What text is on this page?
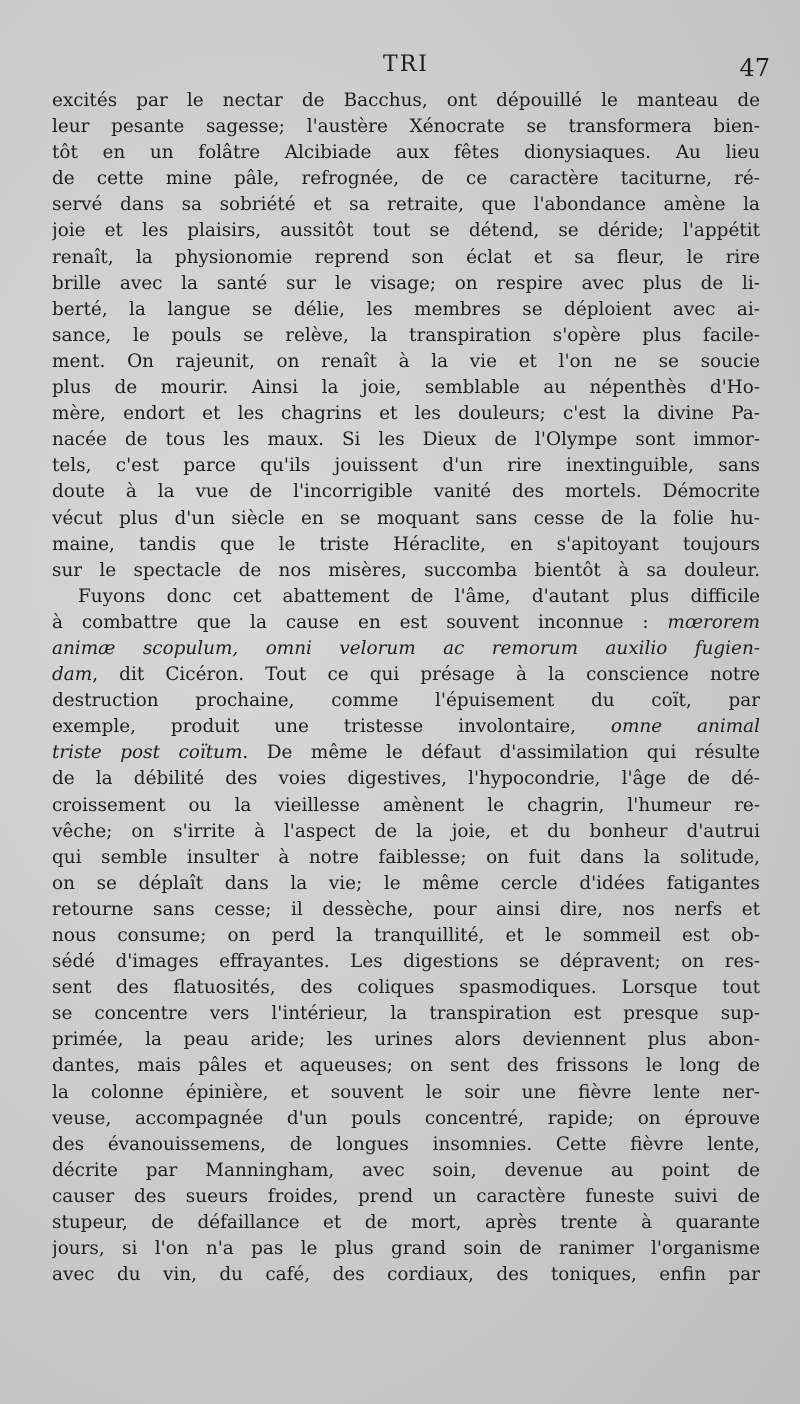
TRI	47
excités par le nectar de Bacchus, ont dépouillé le manteau de
leur pesante sagesse; l'austère Xénocrate se transformera bien-
tôt en un folâtre Alcibiade aux fêtes dionysiaques. Au lieu
de cette mine pâle, refrognée, de ce caractère taciturne, ré-
servé dans sa sobriété et sa retraite, que l'abondance amène la
joie et les plaisirs, aussitôt tout se détend, se déride; l'appétit
renaît, la physionomie reprend son éclat et sa fleur, le rire
brille avec la santé sur le visage; on respire avec plus de li-
berté, la langue se délie, les membres se déploient avec ai-
sance, le pouls se relève, la transpiration s'opère plus facile-
ment. On rajeunit, on renaît à la vie et l'on ne se soucie
plus de mourir. Ainsi la joie, semblable au népenthès d'Ho-
mère, endort et les chagrins et les douleurs; c'est la divine Pa-
nacée de tous les maux. Si les Dieux de l'Olympe sont immor-
tels, c'est parce qu'ils jouissent d'un rire inextinguible, sans
doute à la vue de l'incorrigible vanité des mortels. Démocrite
vécut plus d'un siècle en se moquant sans cesse de la folie hu-
maine, tandis que le triste Héraclite, en s'apitoyant toujours
sur le spectacle de nos misères, succomba bientôt à sa douleur.
Fuyons donc cet abattement de l'âme, d'autant plus difficile
à combattre que la cause en est souvent inconnue : mœrorem
animæ scopulum, omni velorum ac remorum auxilio fugien-
dam, dit Cicéron. Tout ce qui présage à la conscience notre
destruction prochaine, comme l'épuisement du coït, par
exemple, produit une tristesse involontaire, omne animal
triste post coïtum. De même le défaut d'assimilation qui résulte
de la débilité des voies digestives, l'hypocondrie, l'âge de dé-
croissement ou la vieillesse amènent le chagrin, l'humeur re-
vêche; on s'irrite à l'aspect de la joie, et du bonheur d'autrui
qui semble insulter à notre faiblesse; on fuit dans la solitude,
on se déplaît dans la vie; le même cercle d'idées fatigantes
retourne sans cesse; il dessèche, pour ainsi dire, nos nerfs et
nous consume; on perd la tranquillité, et le sommeil est ob-
sédé d'images effrayantes. Les digestions se dépravent; on res-
sent des flatuosités, des coliques spasmodiques. Lorsque tout
se concentre vers l'intérieur, la transpiration est presque sup-
primée, la peau aride; les urines alors deviennent plus abon-
dantes, mais pâles et aqueuses; on sent des frissons le long de
la colonne épinière, et souvent le soir une fièvre lente ner-
veuse, accompagnée d'un pouls concentré, rapide; on éprouve
des évanouissemens, de longues insomnies. Cette fièvre lente,
décrite par Manningham, avec soin, devenue au point de
causer des sueurs froides, prend un caractère funeste suivi de
stupeur, de défaillance et de mort, après trente à quarante
jours, si l'on n'a pas le plus grand soin de ranimer l'organisme
avec du vin, du café, des cordiaux, des toniques, enfin par
